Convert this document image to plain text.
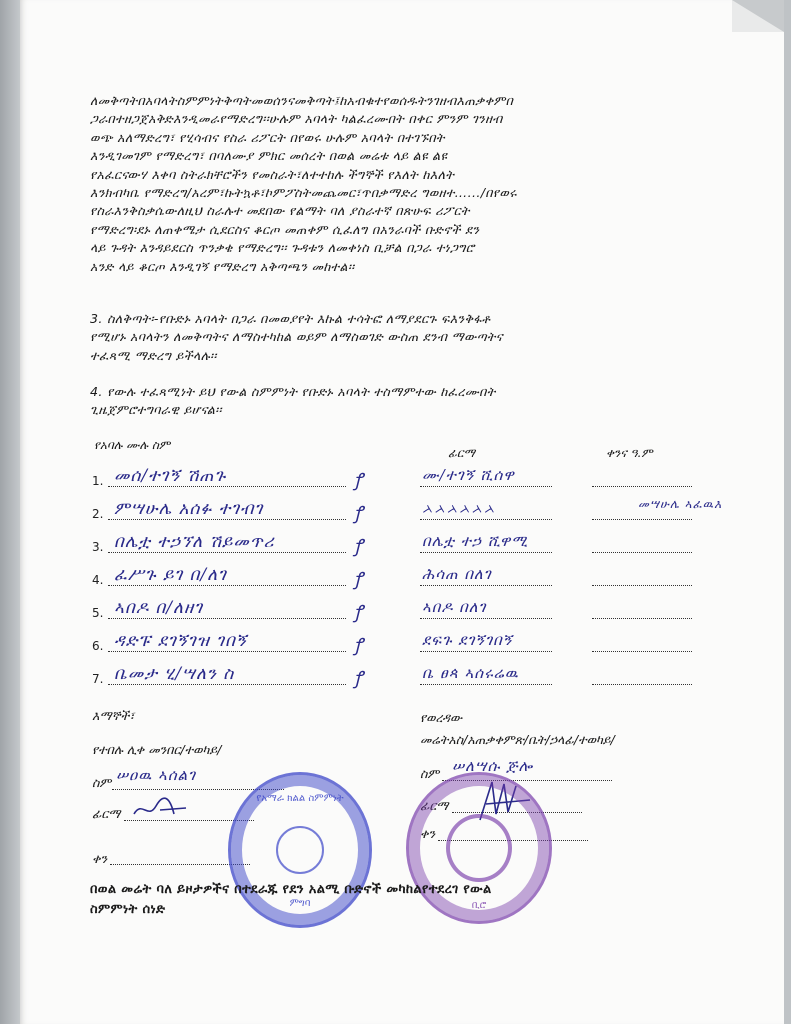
ለመቅጣትበአባላትስምምነትቅጣትመወሰንናመቅጣት፤ከአብቁተየወሰዱትንገዘብእጠቃቀምበ
ጋራበተዘጋጀአቅድእንዲመራየማድረግ፡፡ሁሉም አባላት ካልፈረሙበት በቀር ምንም ገንዘብ
ወጭ አለማድረግ፣ የሂሳብና የስራ ሪፖርት በየወሩ ሁሉም አባላት በተገኙበት
እንዲገመገም የማድረግ፣ በባለሙያ ምክር መሰረት በወል መሬቱ ላይ ልዩ ልዩ
የአፈርናውሃ እቀባ ስትራክቸሮችን የመስራት፣ለተተከሉ ችግኞች የእለት ከእለት
እንክብካቤ የማድረግ/አረም፣ኩትኳቶ፣ኮምፖስትመጨመር፣ጥበቃማድረ ግወዘተ….../በየወሩ
የስራእንቅስቃሴውለዚህ ስራሉተ መደበው የልማት ባለ ያስራተኛ በጽሁፍ ሪፖርት
የማድረግ፡ደኑ ለጠቀሜታ ሲደርስና ቆርጦ መጠቀም ሲፈለግ በአንራባች ቡድኖች ደን
ላይ ጉዳት እንዳይደርስ ጥንቃቄ የማድረግ፡፡ ጉዳቱን ለመቀነስ ቢቻል በጋራ ተነጋግሮ
አንድ ላይ ቆርጦ እንዲገኝ የማድረግ አቅጣጫን መከተል፡፡
3. ስለቅጣት፡-የቡድኑ አባላት በጋራ በመወያየት እኩል ተሳትፎ ለማያደርጉ ፍእንቅፋቶ
የሚሆኑ አባላትን ለመቅጣትና ለማስተካከል ወይም ለማስወገድ ውስጠ ደንብ ማውጣትና
ተፈጻሚ ማድረግ ይችላሉ፡፡
4. የውሉ ተፈጻሚነት ይህ የውል ስምምነት የቡድኑ አባላት ተስማምተው ከፈረሙበት
ጊዜጀምሮተግባራዊ ይሆናል፡፡
የአባሉ ሙሉ ስም
ፊርማ	ቀንና ዓ.ም
1. መሰ/ተገኝ ሽጠጉ	ꝭ	ሙ/ተገኝ ሺሰዋ
2. ምሣሁሌ አሰፉ ተገብገ	ꝭ	ᨂᨂᨂᨂᨂᨂ	መሣሁሌ ኣፈዉእ
3. በሌቷ ተኃኘለ ሽይመጥሪ	ꝭ	በሌቷ ተኃ ሺዋሚ
4. ፈሥጉ ይገ በ/ለገ	ꝭ	ሕሳጠ በለገ
5. ኣበዶ በ/ለዘገ	ꝭ	ኣበዶ በለገ
6. ዳድፑ ደገኝገዝ ገበኝ	ꝭ	ደፍጉ ደገኝገበኝ
7. ቤመታ ሂ/ሣለን ስ	ꝭ	ቤ ፀጳ ኣሰሩሬዉ
እማኞች፣
የተበሉ ሊቀ መንበር/ተወካይ/
ስም ሠዐዉ ኣሰልገ
ፊርማ
ቀን
የወረዳው
መሬትአስ/አጠቃቀምጽ/ቤት/ኃላፊ/ተወካይ/
ስም ሠለሣሱ ጅሎ
ፊርማ
ቀን
የአማራ ክልል ስምምነት
ምግባ	ቢሮ
በወል መሬት ባለ ይዞታዎችና በተደራጁ የደን አልሚ ቡድኖች መካከልየተደረገ የውል
ስምምነት ሰነድ
